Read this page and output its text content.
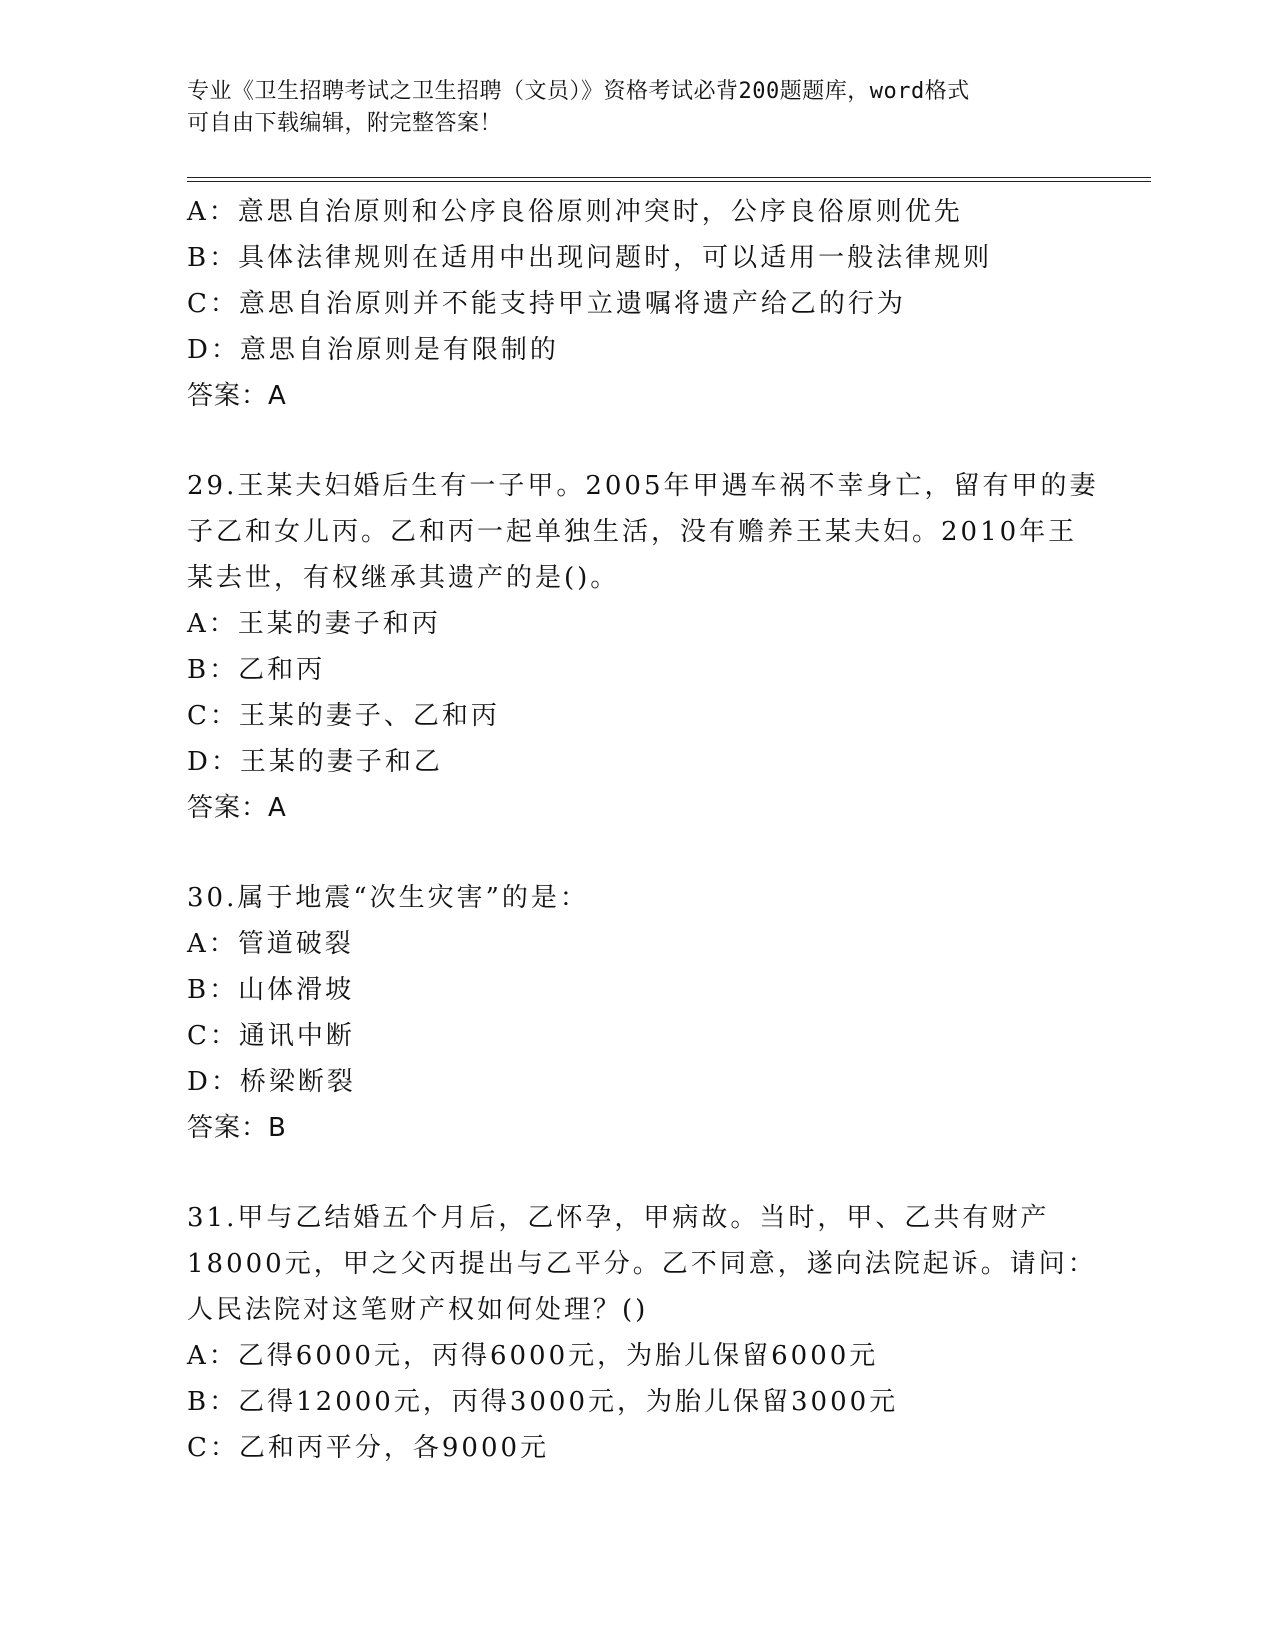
专业《卫生招聘考试之卫生招聘（文员）》资格考试必背200题题库，word格式
可自由下载编辑，附完整答案！
A：意思自治原则和公序良俗原则冲突时，公序良俗原则优先
B：具体法律规则在适用中出现问题时，可以适用一般法律规则
C：意思自治原则并不能支持甲立遗嘱将遗产给乙的行为
D：意思自治原则是有限制的
答案：A
29.王某夫妇婚后生有一子甲。2005年甲遇车祸不幸身亡，留有甲的妻
子乙和女儿丙。乙和丙一起单独生活，没有赡养王某夫妇。2010年王
某去世，有权继承其遗产的是()。
A：王某的妻子和丙
B：乙和丙
C：王某的妻子、乙和丙
D：王某的妻子和乙
答案：A
30.属于地震“次生灾害”的是：
A：管道破裂
B：山体滑坡
C：通讯中断
D：桥梁断裂
答案：B
31.甲与乙结婚五个月后，乙怀孕，甲病故。当时，甲、乙共有财产
18000元，甲之父丙提出与乙平分。乙不同意，遂向法院起诉。请问：
人民法院对这笔财产权如何处理？()
A：乙得6000元，丙得6000元，为胎儿保留6000元
B：乙得12000元，丙得3000元，为胎儿保留3000元
C：乙和丙平分，各9000元
